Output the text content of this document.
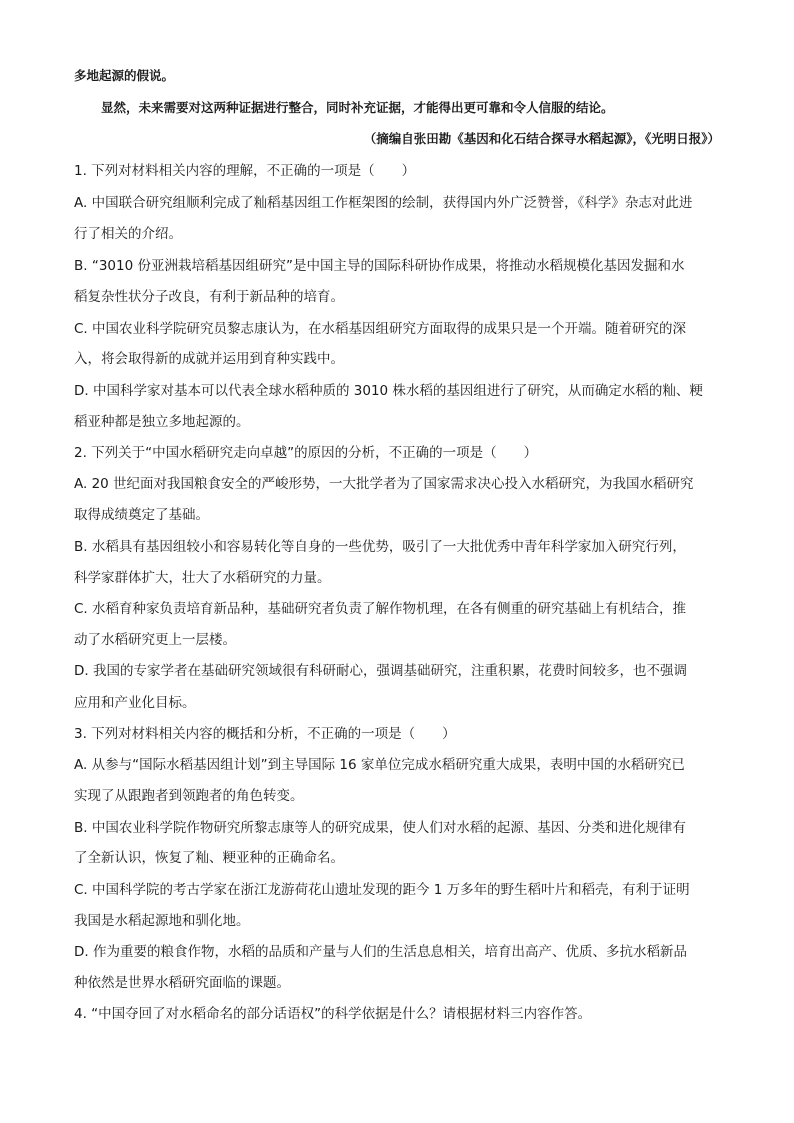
多地起源的假说。
显然，未来需要对这两种证据进行整合，同时补充证据，才能得出更可靠和令人信服的结论。
（摘编自张田勘《基因和化石结合探寻水稻起源》，《光明日报》）
1. 下列对材料相关内容的理解，不正确的一项是（　　）
A. 中国联合研究组顺利完成了籼稻基因组工作框架图的绘制，获得国内外广泛赞誉，《科学》杂志对此进
行了相关的介绍。
B. “3010 份亚洲栽培稻基因组研究”是中国主导的国际科研协作成果，将推动水稻规模化基因发掘和水
稻复杂性状分子改良，有利于新品种的培育。
C. 中国农业科学院研究员黎志康认为，在水稻基因组研究方面取得的成果只是一个开端。随着研究的深
入，将会取得新的成就并运用到育种实践中。
D. 中国科学家对基本可以代表全球水稻种质的 3010 株水稻的基因组进行了研究，从而确定水稻的籼、粳
稻亚种都是独立多地起源的。
2. 下列关于“中国水稻研究走向卓越”的原因的分析，不正确的一项是（　　）
A. 20 世纪面对我国粮食安全的严峻形势，一大批学者为了国家需求决心投入水稻研究，为我国水稻研究
取得成绩奠定了基础。
B. 水稻具有基因组较小和容易转化等自身的一些优势，吸引了一大批优秀中青年科学家加入研究行列，
科学家群体扩大，壮大了水稻研究的力量。
C. 水稻育种家负责培育新品种，基础研究者负责了解作物机理，在各有侧重的研究基础上有机结合，推
动了水稻研究更上一层楼。
D. 我国的专家学者在基础研究领域很有科研耐心，强调基础研究，注重积累，花费时间较多，也不强调
应用和产业化目标。
3. 下列对材料相关内容的概括和分析，不正确的一项是（　　）
A. 从参与“国际水稻基因组计划”到主导国际 16 家单位完成水稻研究重大成果，表明中国的水稻研究已
实现了从跟跑者到领跑者的角色转变。
B. 中国农业科学院作物研究所黎志康等人的研究成果，使人们对水稻的起源、基因、分类和进化规律有
了全新认识，恢复了籼、粳亚种的正确命名。
C. 中国科学院的考古学家在浙江龙游荷花山遗址发现的距今 1 万多年的野生稻叶片和稻壳，有利于证明
我国是水稻起源地和驯化地。
D. 作为重要的粮食作物，水稻的品质和产量与人们的生活息息相关，培育出高产、优质、多抗水稻新品
种依然是世界水稻研究面临的课题。
4. “中国夺回了对水稻命名的部分话语权”的科学依据是什么？请根据材料三内容作答。
